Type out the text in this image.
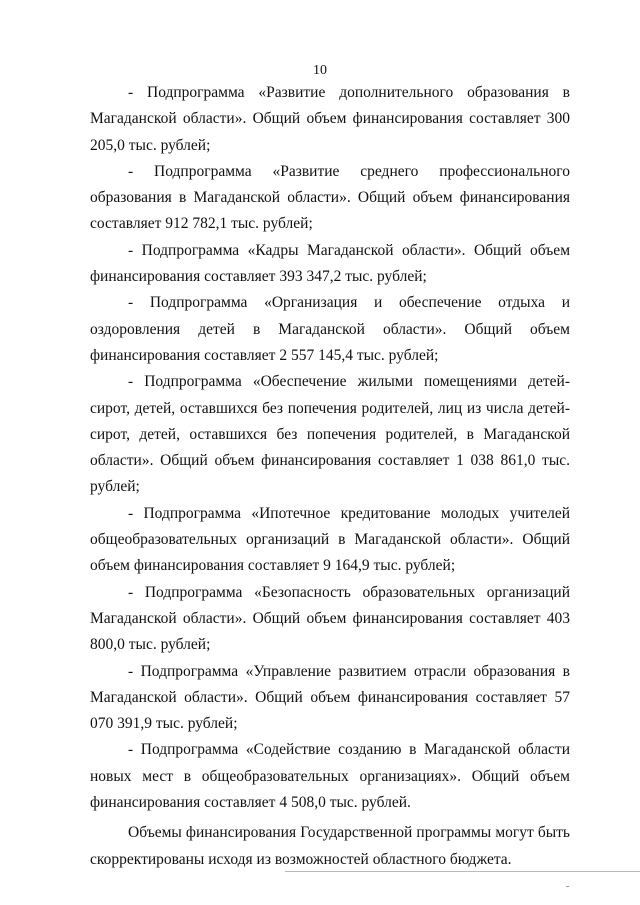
10

- Подпрограмма «Развитие дополнительного образования в Магаданской области». Общий объем финансирования составляет 300 205,0 тыс. рублей;

- Подпрограмма «Развитие среднего профессионального образования в Магаданской области». Общий объем финансирования составляет 912 782,1 тыс. рублей;

- Подпрограмма «Кадры Магаданской области». Общий объем финансирования составляет 393 347,2 тыс. рублей;

- Подпрограмма «Организация и обеспечение отдыха и оздоровления детей в Магаданской области». Общий объем финансирования составляет 2 557 145,4 тыс. рублей;

- Подпрограмма «Обеспечение жилыми помещениями детей-сирот, детей, оставшихся без попечения родителей, лиц из числа детей-сирот, детей, оставшихся без попечения родителей, в Магаданской области». Общий объем финансирования составляет 1 038 861,0 тыс. рублей;

- Подпрограмма «Ипотечное кредитование молодых учителей общеобразовательных организаций в Магаданской области». Общий объем финансирования составляет 9 164,9 тыс. рублей;

- Подпрограмма «Безопасность образовательных организаций Магаданской области». Общий объем финансирования составляет 403 800,0 тыс. рублей;

- Подпрограмма «Управление развитием отрасли образования в Магаданской области». Общий объем финансирования составляет 57 070 391,9 тыс. рублей;

- Подпрограмма «Содействие созданию в Магаданской области новых мест в общеобразовательных организациях». Общий объем финансирования составляет 4 508,0 тыс. рублей.

Объемы финансирования Государственной программы могут быть скорректированы исходя из возможностей областного бюджета.
